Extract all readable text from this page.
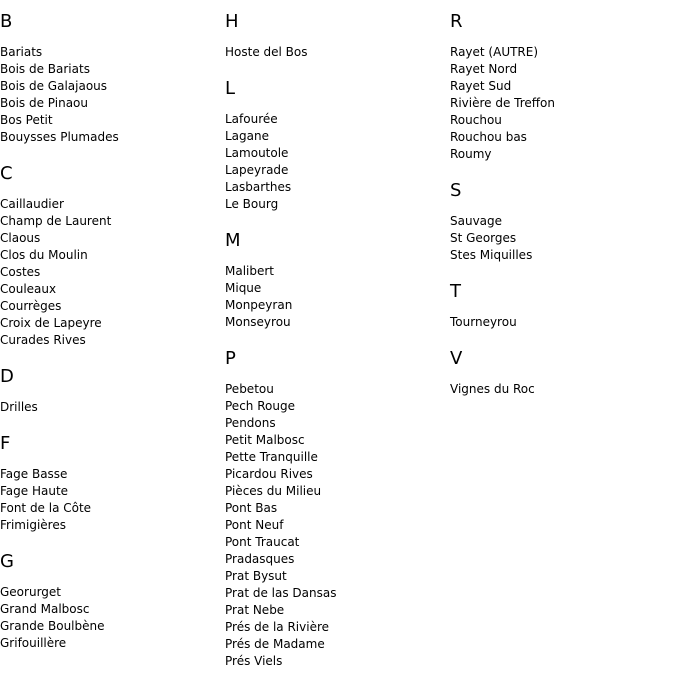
B
Bariats
Bois de Bariats
Bois de Galajaous
Bois de Pinaou
Bos Petit
Bouysses Plumades
C
Caillaudier
Champ de Laurent
Claous
Clos du Moulin
Costes
Couleaux
Courrèges
Croix de Lapeyre
Curades Rives
D
Drilles
F
Fage Basse
Fage Haute
Font de la Côte
Frimigières
G
Georurget
Grand Malbosc
Grande Boulbène
Grifouillère
H
Hoste del Bos
L
Lafourée
Lagane
Lamoutole
Lapeyrade
Lasbarthes
Le Bourg
M
Malibert
Mique
Monpeyran
Monseyrou
P
Pebetou
Pech Rouge
Pendons
Petit Malbosc
Pette Tranquille
Picardou Rives
Pièces du Milieu
Pont Bas
Pont Neuf
Pont Traucat
Pradasques
Prat Bysut
Prat de las Dansas
Prat Nebe
Prés de la Rivière
Prés de Madame
Prés Viels
R
Rayet (AUTRE)
Rayet Nord
Rayet Sud
Rivière de Treffon
Rouchou
Rouchou bas
Roumy
S
Sauvage
St Georges
Stes Miquilles
T
Tourneyrou
V
Vignes du Roc
